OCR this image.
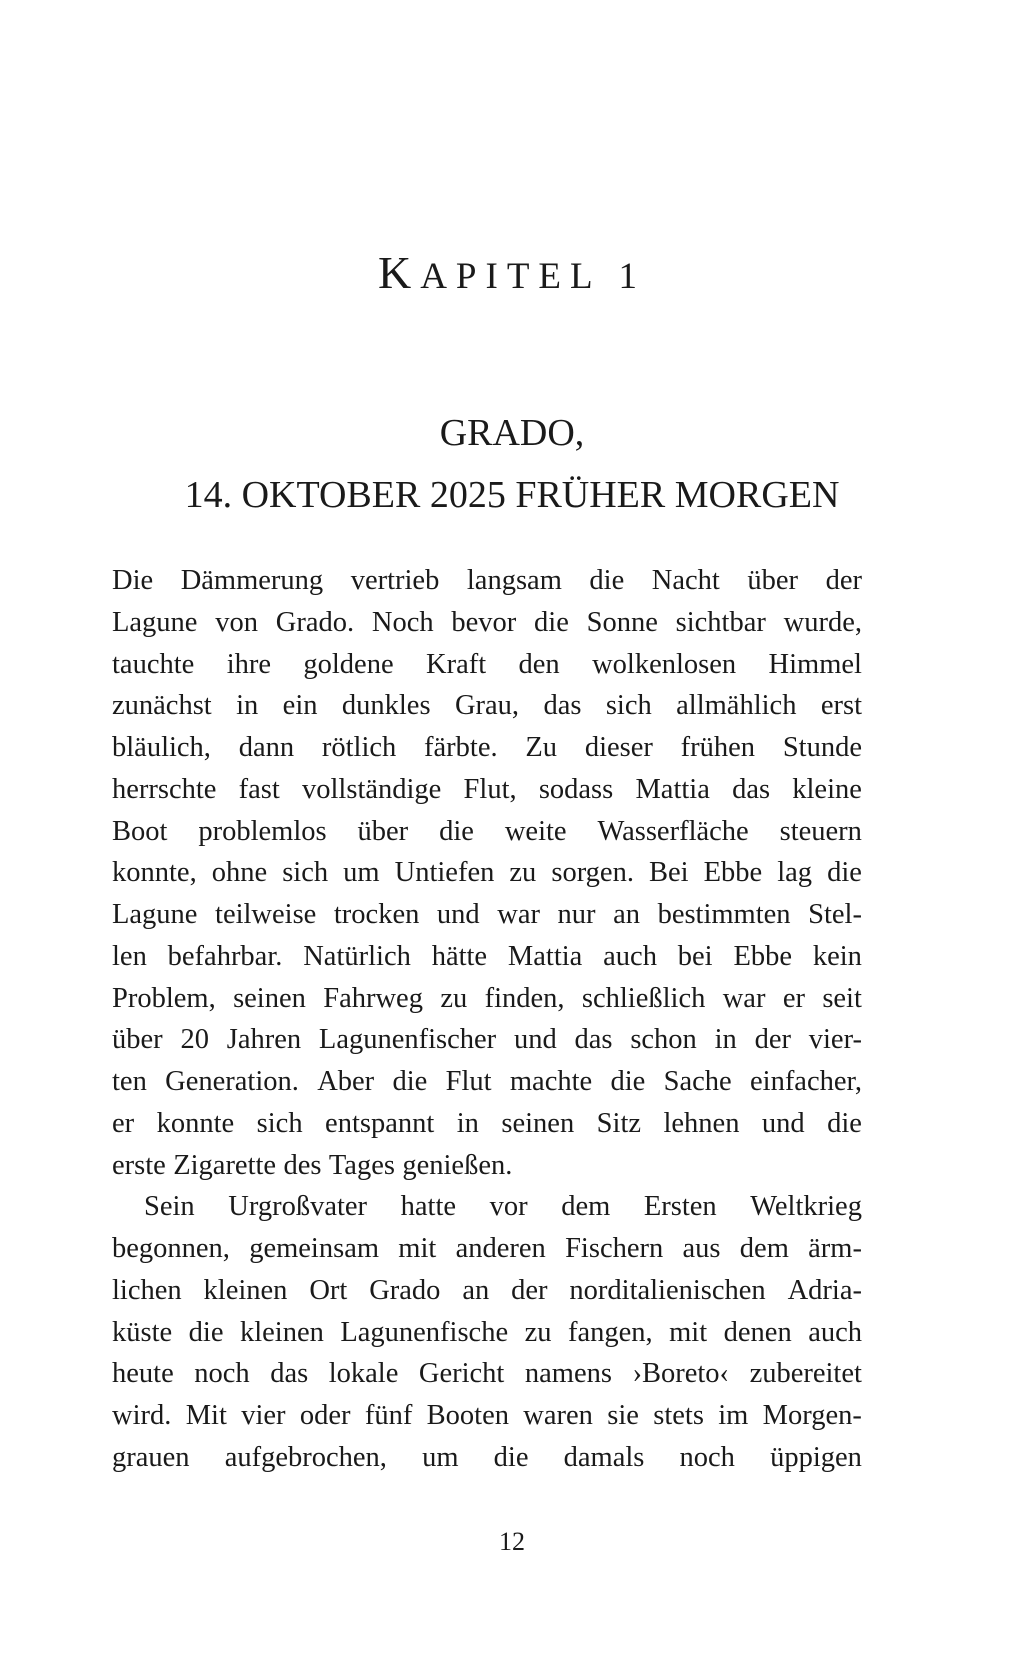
KAPITEL 1
GRADO,
14. OKTOBER 2025 FRÜHER MORGEN
Die Dämmerung vertrieb langsam die Nacht über der
Lagune von Grado. Noch bevor die Sonne sichtbar wurde,
tauchte ihre goldene Kraft den wolkenlosen Himmel
zunächst in ein dunkles Grau, das sich allmählich erst
bläulich, dann rötlich färbte. Zu dieser frühen Stunde
herrschte fast vollständige Flut, sodass Mattia das kleine
Boot problemlos über die weite Wasserfläche steuern
konnte, ohne sich um Untiefen zu sorgen. Bei Ebbe lag die
Lagune teilweise trocken und war nur an bestimmten Stel-
len befahrbar. Natürlich hätte Mattia auch bei Ebbe kein
Problem, seinen Fahrweg zu finden, schließlich war er seit
über 20 Jahren Lagunenfischer und das schon in der vier-
ten Generation. Aber die Flut machte die Sache einfacher,
er konnte sich entspannt in seinen Sitz lehnen und die
erste Zigarette des Tages genießen.
Sein Urgroßvater hatte vor dem Ersten Weltkrieg
begonnen, gemeinsam mit anderen Fischern aus dem ärm-
lichen kleinen Ort Grado an der norditalienischen Adria-
küste die kleinen Lagunenfische zu fangen, mit denen auch
heute noch das lokale Gericht namens ›Boreto‹ zubereitet
wird. Mit vier oder fünf Booten waren sie stets im Morgen-
grauen aufgebrochen, um die damals noch üppigen
12
